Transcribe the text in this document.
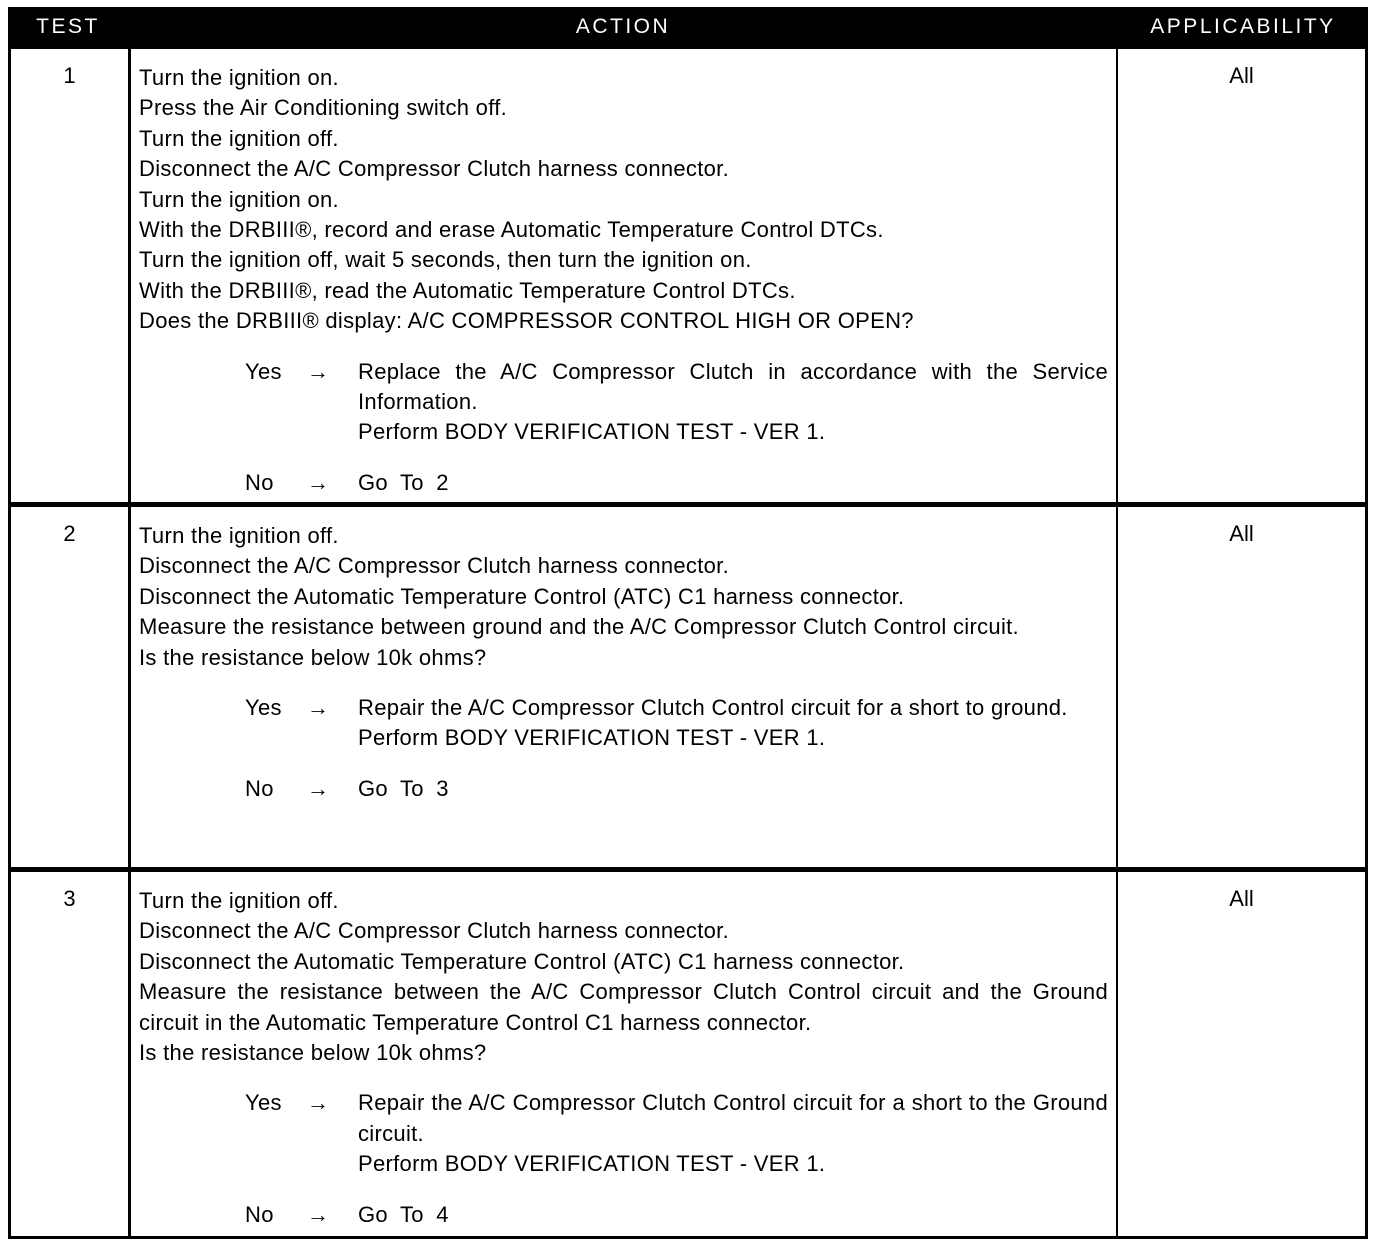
TEST	ACTION	APPLICABILITY
1	Turn the ignition on.
Press the Air Conditioning switch off.
Turn the ignition off.
Disconnect the A/C Compressor Clutch harness connector.
Turn the ignition on.
With the DRBIII®, record and erase Automatic Temperature Control DTCs.
Turn the ignition off, wait 5 seconds, then turn the ignition on.
With the DRBIII®, read the Automatic Temperature Control DTCs.
Does the DRBIII® display: A/C COMPRESSOR CONTROL HIGH OR OPEN?
Yes → Replace the A/C Compressor Clutch in accordance with the Service Information.
Perform BODY VERIFICATION TEST - VER 1.
No → Go To 2
All
2	Turn the ignition off.
Disconnect the A/C Compressor Clutch harness connector.
Disconnect the Automatic Temperature Control (ATC) C1 harness connector.
Measure the resistance between ground and the A/C Compressor Clutch Control circuit.
Is the resistance below 10k ohms?
Yes → Repair the A/C Compressor Clutch Control circuit for a short to ground.
Perform BODY VERIFICATION TEST - VER 1.
No → Go To 3
All
3	Turn the ignition off.
Disconnect the A/C Compressor Clutch harness connector.
Disconnect the Automatic Temperature Control (ATC) C1 harness connector.
Measure the resistance between the A/C Compressor Clutch Control circuit and the Ground circuit in the Automatic Temperature Control C1 harness connector.
Is the resistance below 10k ohms?
Yes → Repair the A/C Compressor Clutch Control circuit for a short to the Ground circuit.
Perform BODY VERIFICATION TEST - VER 1.
No → Go To 4
All
